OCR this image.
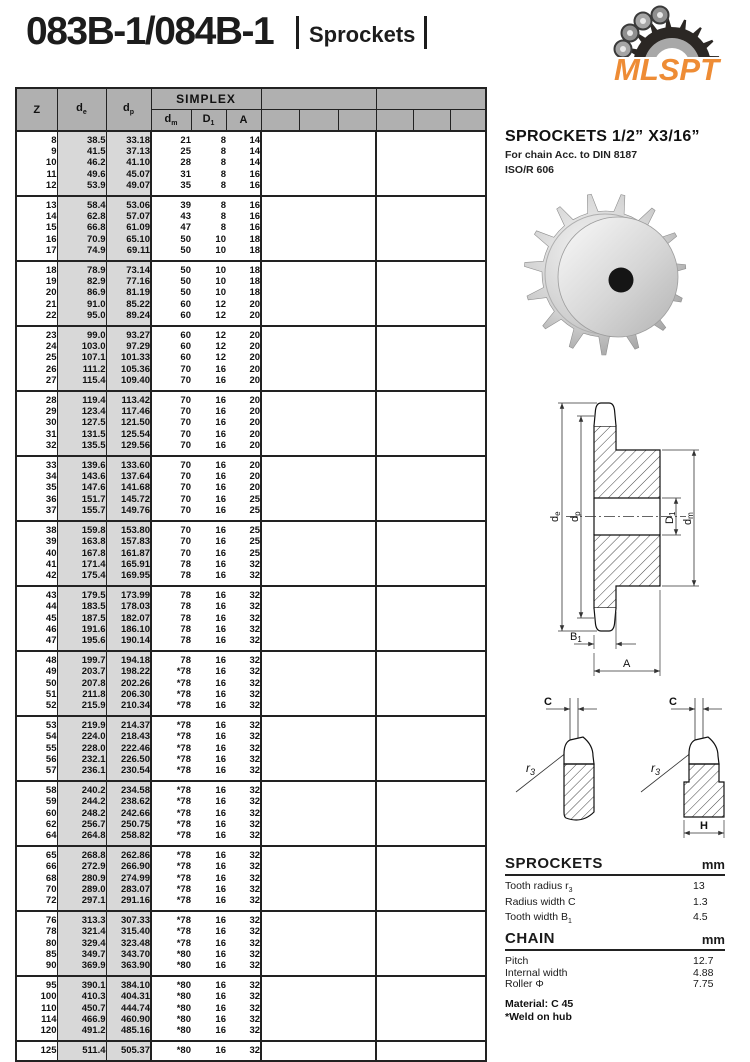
083B-1/084B-1 Sprockets
MLSPT
Z	$d_e$	$d_p$	SIMPLEX								
			$d_m$	$D_1$	A						
8	38.5	33.18	21	8	14						
9	41.5	37.13	25	8	14						
10	46.2	41.10	28	8	14						
11	49.6	45.07	31	8	16						
12	53.9	49.07	35	8	16						
13	58.4	53.06	39	8	16						
14	62.8	57.07	43	8	16						
15	66.8	61.09	47	8	16						
16	70.9	65.10	50	10	18						
17	74.9	69.11	50	10	18						
18	78.9	73.14	50	10	18						
19	82.9	77.16	50	10	18						
20	86.9	81.19	50	10	18						
21	91.0	85.22	60	12	20						
22	95.0	89.24	60	12	20						
23	99.0	93.27	60	12	20						
24	103.0	97.29	60	12	20						
25	107.1	101.33	60	12	20						
26	111.2	105.36	70	16	20						
27	115.4	109.40	70	16	20						
28	119.4	113.42	70	16	20						
29	123.4	117.46	70	16	20						
30	127.5	121.50	70	16	20						
31	131.5	125.54	70	16	20						
32	135.5	129.56	70	16	20						
33	139.6	133.60	70	16	20						
34	143.6	137.64	70	16	20						
35	147.6	141.68	70	16	20						
36	151.7	145.72	70	16	25						
37	155.7	149.76	70	16	25						
38	159.8	153.80	70	16	25						
39	163.8	157.83	70	16	25						
40	167.8	161.87	70	16	25						
41	171.4	165.91	78	16	32						
42	175.4	169.95	78	16	32						
43	179.5	173.99	78	16	32						
44	183.5	178.03	78	16	32						
45	187.5	182.07	78	16	32						
46	191.6	186.10	78	16	32						
47	195.6	190.14	78	16	32						
48	199.7	194.18	78	16	32						
49	203.7	198.22	*78	16	32						
50	207.8	202.26	*78	16	32						
51	211.8	206.30	*78	16	32						
52	215.9	210.34	*78	16	32						
53	219.9	214.37	*78	16	32						
54	224.0	218.43	*78	16	32						
55	228.0	222.46	*78	16	32						
56	232.1	226.50	*78	16	32						
57	236.1	230.54	*78	16	32						
58	240.2	234.58	*78	16	32						
59	244.2	238.62	*78	16	32						
60	248.2	242.66	*78	16	32						
62	256.7	250.75	*78	16	32						
64	264.8	258.82	*78	16	32						
65	268.8	262.86	*78	16	32						
66	272.9	266.90	*78	16	32						
68	280.9	274.99	*78	16	32						
70	289.0	283.07	*78	16	32						
72	297.1	291.16	*78	16	32						
76	313.3	307.33	*78	16	32						
78	321.4	315.40	*78	16	32						
80	329.4	323.48	*78	16	32						
85	349.7	343.70	*80	16	32						
90	369.9	363.90	*80	16	32						
95	390.1	384.10	*80	16	32						
100	410.3	404.31	*80	16	32						
110	450.7	444.74	*80	16	32						
114	466.9	460.90	*80	16	32						
120	491.2	485.16	*80	16	32						
125	511.4	505.37	*80	16	32						
SPROCKETS 1/2” X3/16”
For chain Acc. to DIN 8187
ISO/R 606
de
dp
D1
dm
B1
A
C
$r_3$
C
$r_3$
H
SPROCKETS	mm
Tooth radius $r_3$	13
Radius width C	1.3
Tooth width $B_1$	4.5
CHAIN	mm
Pitch	12.7
Internal width	4.88
Roller Φ	7.75
Material: C 45
*Weld on hub
